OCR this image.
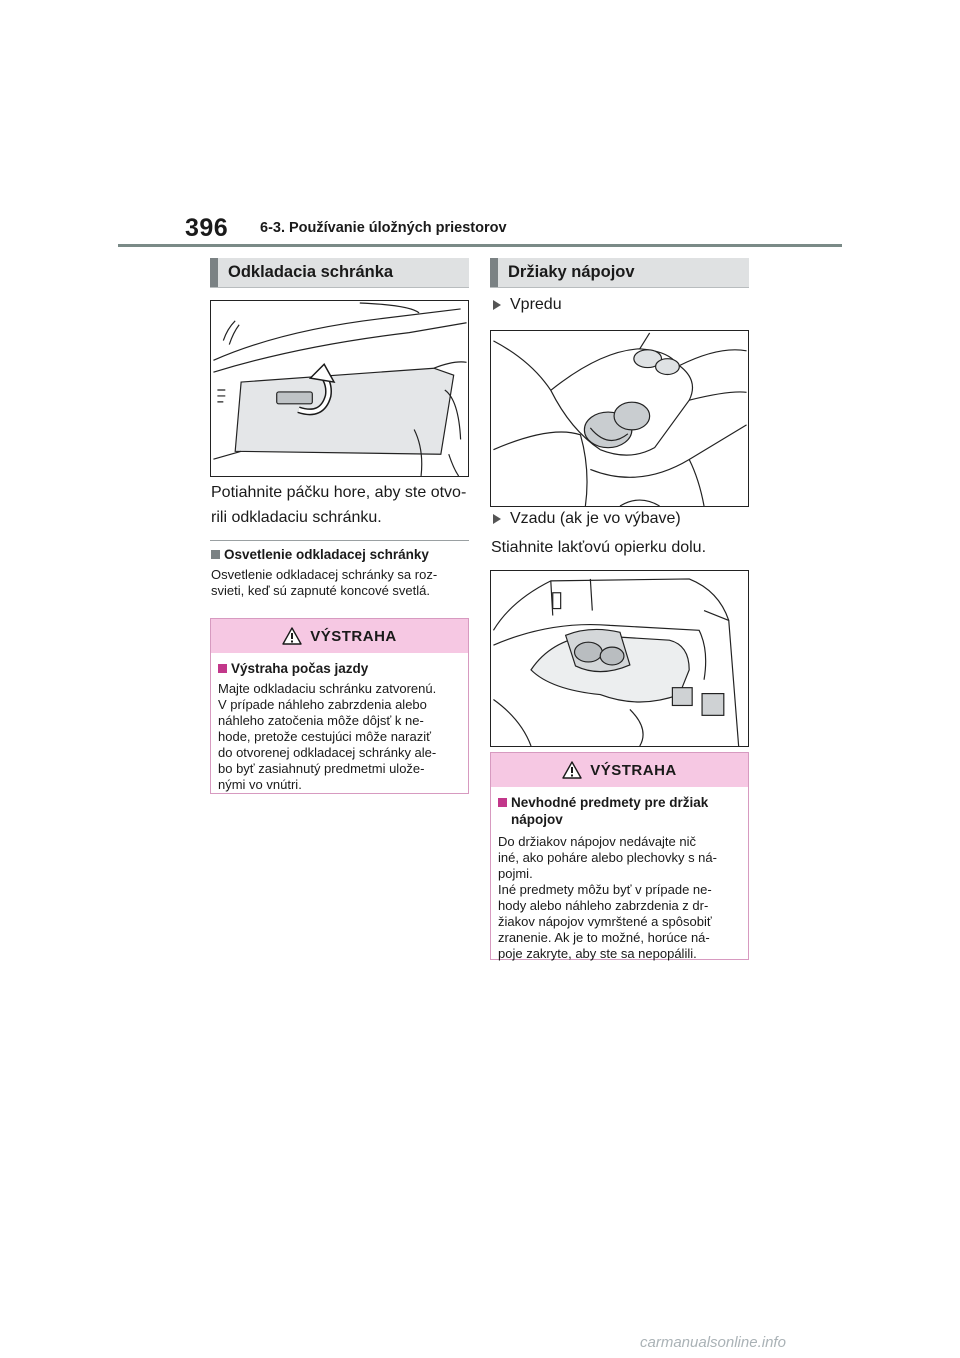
396 6-3. Používanie úložných priestorov
Odkladacia schránka
Potiahnite páčku hore, aby ste otvo-
rili odkladaciu schránku.
Osvetlenie odkladacej schránky
Osvetlenie odkladacej schránky sa roz-
svieti, keď sú zapnuté koncové svetlá.
VÝSTRAHA
Výstraha počas jazdy
Majte odkladaciu schránku zatvorenú.
V prípade náhleho zabrzdenia alebo
náhleho zatočenia môže dôjsť k ne-
hode, pretože cestujúci môže naraziť
do otvorenej odkladacej schránky ale-
bo byť zasiahnutý predmetmi ulože-
nými vo vnútri.
Držiaky nápojov
Vpredu
Vzadu (ak je vo výbave)
Stiahnite lakťovú opierku dolu.
VÝSTRAHA
Nevhodné predmety pre držiak
nápojov
Do držiakov nápojov nedávajte nič
iné, ako poháre alebo plechovky s ná-
pojmi.
Iné predmety môžu byť v prípade ne-
hody alebo náhleho zabrzdenia z dr-
žiakov nápojov vymrštené a spôsobiť
zranenie. Ak je to možné, horúce ná-
poje zakryte, aby ste sa nepopálili.
carmanualsonline.info
